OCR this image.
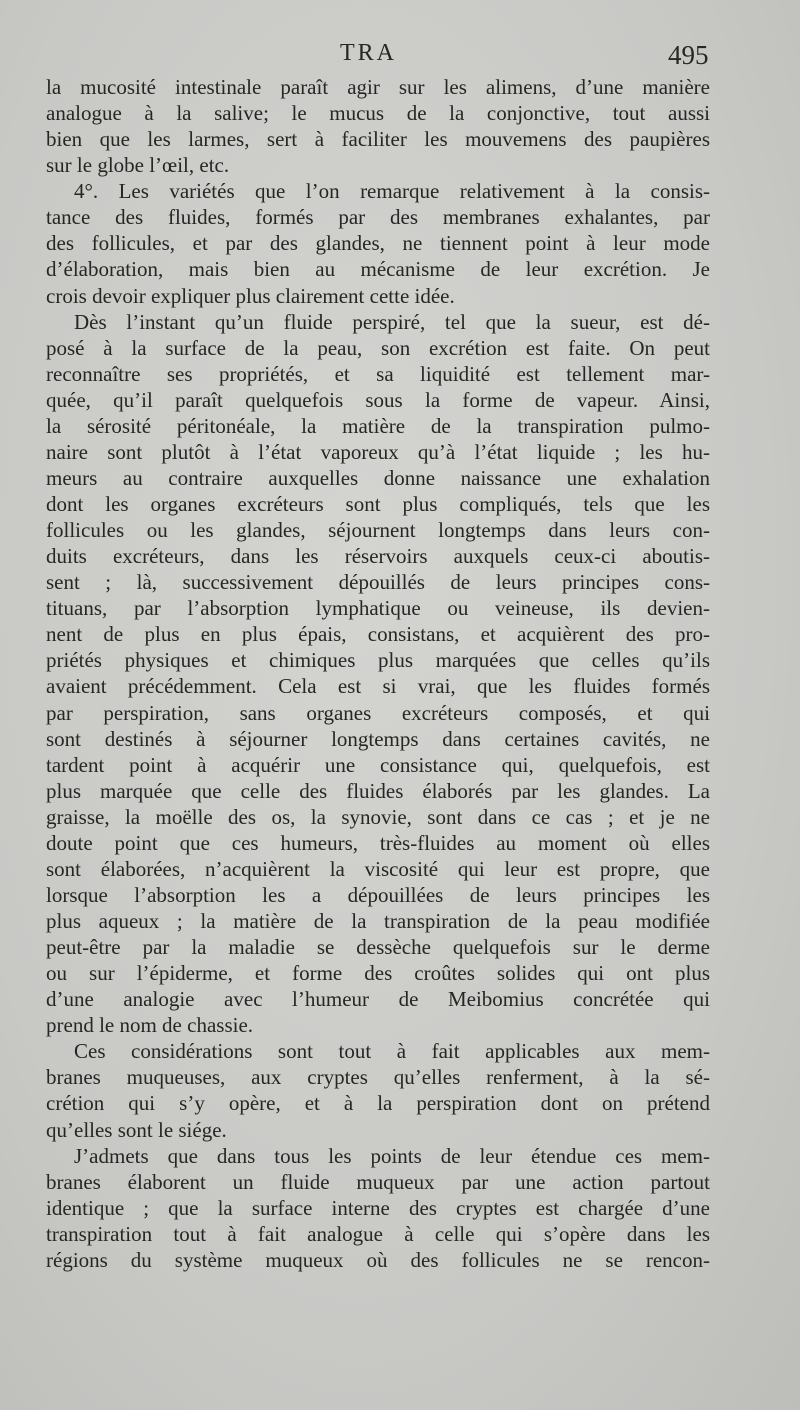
TRA	495
la mucosité intestinale paraît agir sur les alimens, d’une manière
analogue à la salive; le mucus de la conjonctive, tout aussi
bien que les larmes, sert à faciliter les mouvemens des paupières
sur le globe l’œil, etc.
4°. Les variétés que l’on remarque relativement à la consis-
tance des fluides, formés par des membranes exhalantes, par
des follicules, et par des glandes, ne tiennent point à leur mode
d’élaboration, mais bien au mécanisme de leur excrétion. Je
crois devoir expliquer plus clairement cette idée.
Dès l’instant qu’un fluide perspiré, tel que la sueur, est dé-
posé à la surface de la peau, son excrétion est faite. On peut
reconnaître ses propriétés, et sa liquidité est tellement mar-
quée, qu’il paraît quelquefois sous la forme de vapeur. Ainsi,
la sérosité péritonéale, la matière de la transpiration pulmo-
naire sont plutôt à l’état vaporeux qu’à l’état liquide ; les hu-
meurs au contraire auxquelles donne naissance une exhalation
dont les organes excréteurs sont plus compliqués, tels que les
follicules ou les glandes, séjournent longtemps dans leurs con-
duits excréteurs, dans les réservoirs auxquels ceux-ci aboutis-
sent ; là, successivement dépouillés de leurs principes cons-
tituans, par l’absorption lymphatique ou veineuse, ils devien-
nent de plus en plus épais, consistans, et acquièrent des pro-
priétés physiques et chimiques plus marquées que celles qu’ils
avaient précédemment. Cela est si vrai, que les fluides formés
par perspiration, sans organes excréteurs composés, et qui
sont destinés à séjourner longtemps dans certaines cavités, ne
tardent point à acquérir une consistance qui, quelquefois, est
plus marquée que celle des fluides élaborés par les glandes. La
graisse, la moëlle des os, la synovie, sont dans ce cas ; et je ne
doute point que ces humeurs, très-fluides au moment où elles
sont élaborées, n’acquièrent la viscosité qui leur est propre, que
lorsque l’absorption les a dépouillées de leurs principes les
plus aqueux ; la matière de la transpiration de la peau modifiée
peut-être par la maladie se dessèche quelquefois sur le derme
ou sur l’épiderme, et forme des croûtes solides qui ont plus
d’une analogie avec l’humeur de Meibomius concrétée qui
prend le nom de chassie.
Ces considérations sont tout à fait applicables aux mem-
branes muqueuses, aux cryptes qu’elles renferment, à la sé-
crétion qui s’y opère, et à la perspiration dont on prétend
qu’elles sont le siége.
J’admets que dans tous les points de leur étendue ces mem-
branes élaborent un fluide muqueux par une action partout
identique ; que la surface interne des cryptes est chargée d’une
transpiration tout à fait analogue à celle qui s’opère dans les
régions du système muqueux où des follicules ne se rencon-
